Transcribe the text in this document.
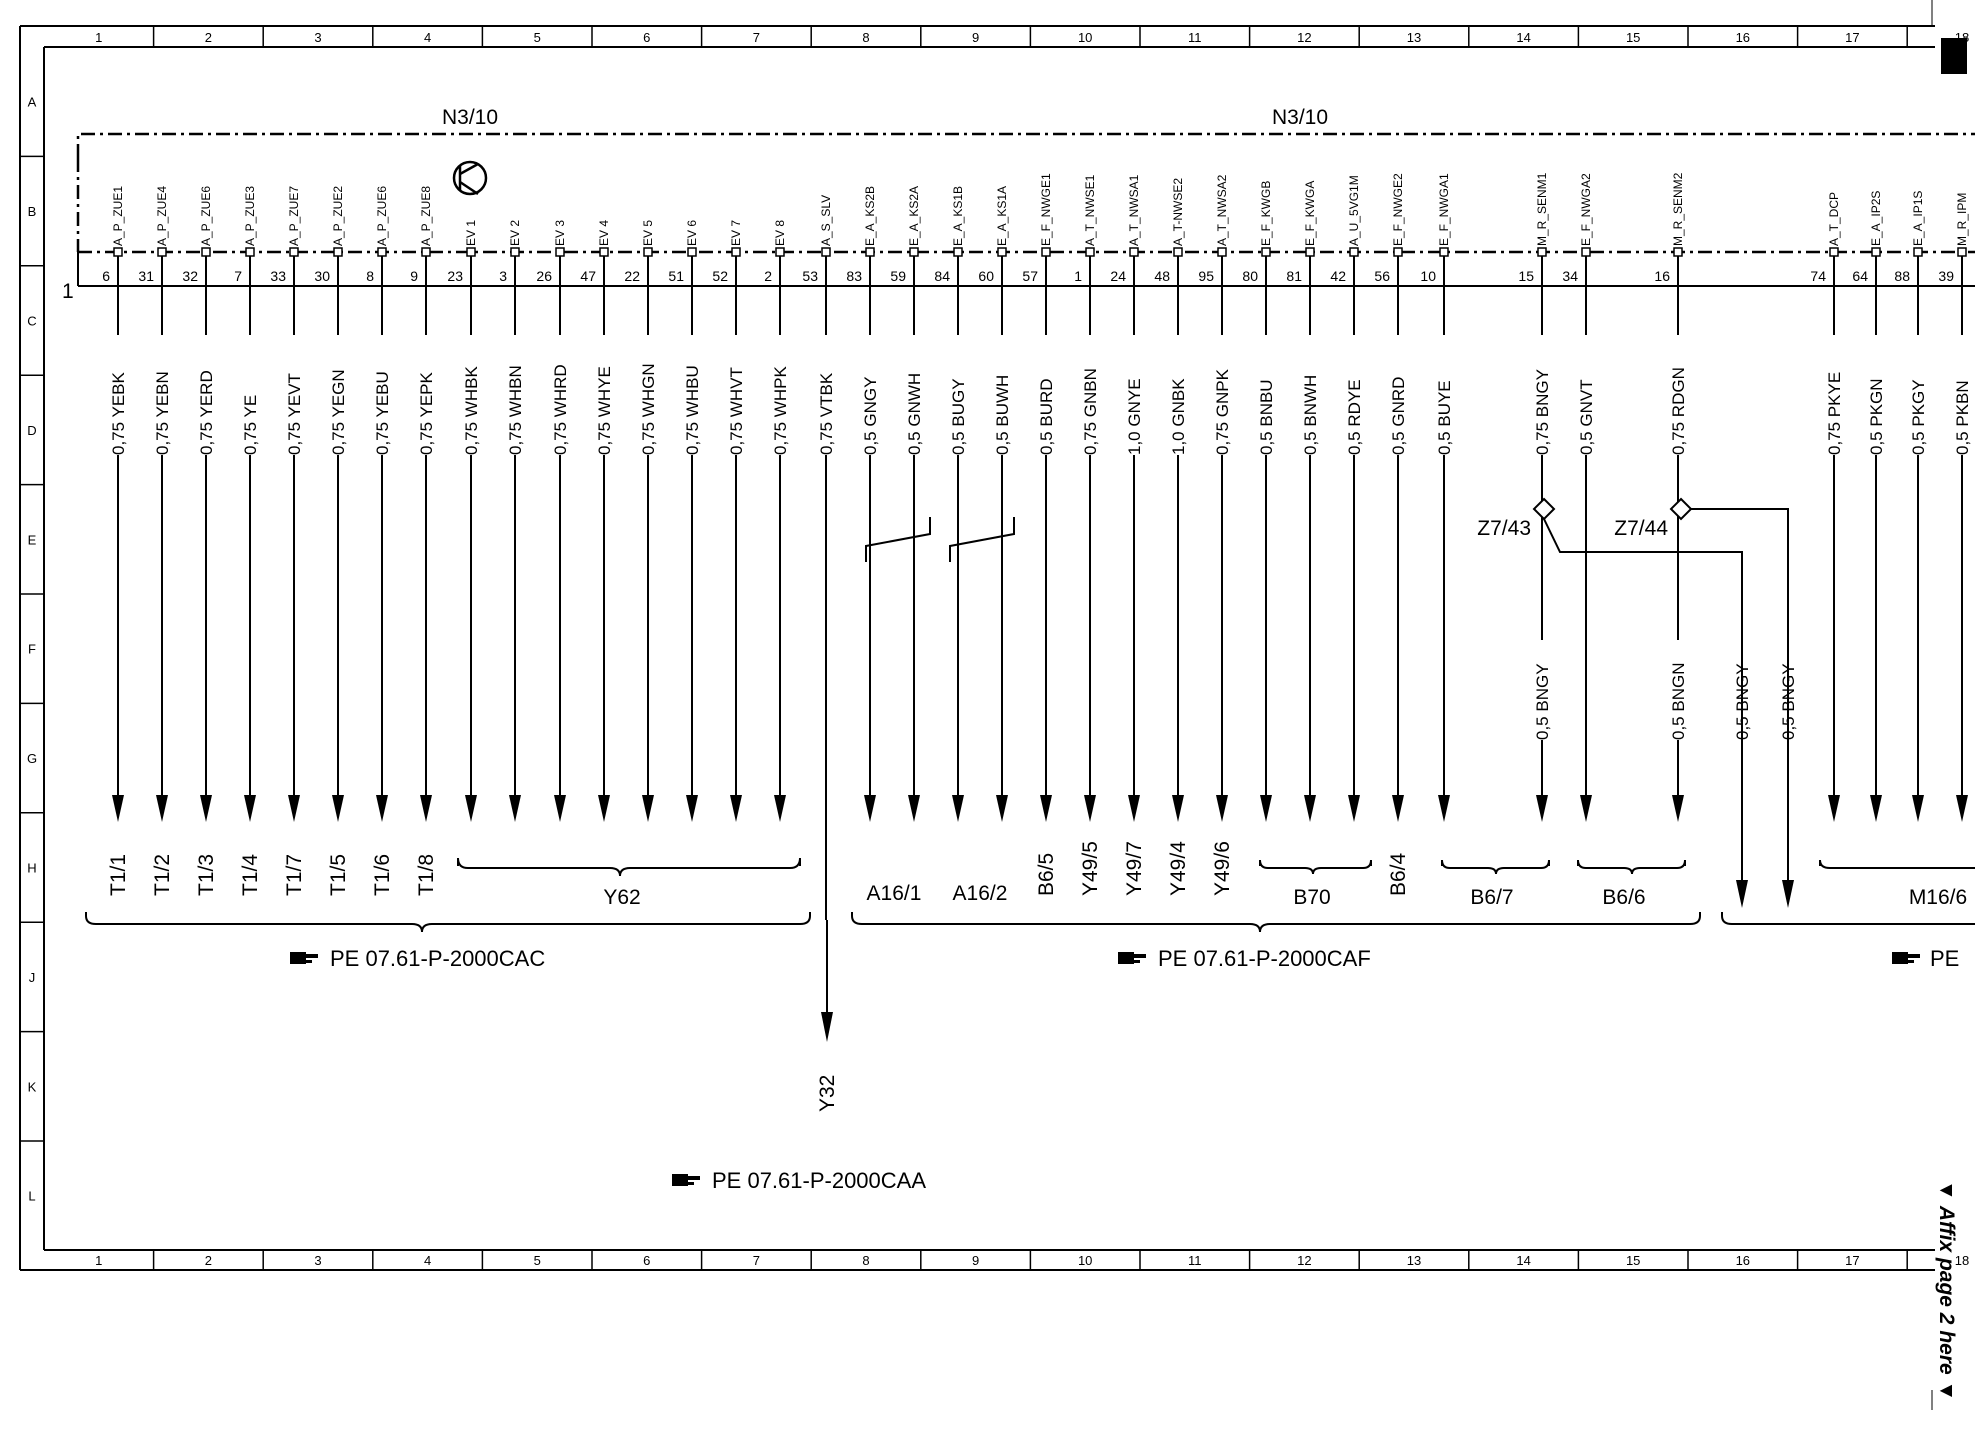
1
1
2
2
3
3
4
4
5
5
6
6
7
7
8
8
9
9
10
10
11
11
12
12
13
13
14
14
15
15
16
16
17
17
18
18
A
B
C
D
E
F
G
H
J
K
L
N3/10	N3/10
1
6
A_P_ZUE1
0,75 YEBK
31
A_P_ZUE4
0,75 YEBN
32
A_P_ZUE6
0,75 YERD
7
A_P_ZUE3
0,75 YE
33
A_P_ZUE7
0,75 YEVT
30
A_P_ZUE2
0,75 YEGN
8
A_P_ZUE6
0,75 YEBU
9
A_P_ZUE8
0,75 YEPK
23
EV 1
0,75 WHBK
3
EV 2
0,75 WHBN
26
EV 3
0,75 WHRD
47
EV 4
0,75 WHYE
22
EV 5
0,75 WHGN
51
EV 6
0,75 WHBU
52
EV 7
0,75 WHVT
2
EV 8
0,75 WHPK
53
A_S_SLV
0,75 VTBK
83
E_A_KS2B
0,5 GNGY
59
E_A_KS2A
0,5 GNWH
84
E_A_KS1B
0,5 BUGY
60
E_A_KS1A
0,5 BUWH
57
E_F_NWGE1
0,5 BURD
1
A_T_NWSE1
0,75 GNBN
24
A_T_NWSA1
1,0 GNYE
48
A_T-NWSE2
1,0 GNBK
95
A_T_NWSA2
0,75 GNPK
80
E_F_KWGB
0,5 BNBU
81
E_F_KWGA
0,5 BNWH
42
A_U_5VG1M
0,5 RDYE
56
E_F_NWGE2
0,5 GNRD
10
E_F_NWGA1
0,5 BUYE
15
M_R_SENM1
0,75 BNGY
34
E_F_NWGA2
0,5 GNVT
16
M_R_SENM2
0,75 RDGN
74
A_T_DCP
0,75 PKYE
64
E_A_IP2S
0,5 PKGN
88
E_A_IP1S
0,5 PKGY
39
M_R_IPM
0,5 PKBN
0,5 BNGY	0,5 BNGN	0,5 BNGY 0,5 BNGY
Z7/43	Z7/44
T1/1 T1/2 T1/3 T1/4 T1/7 T1/5 T1/6 T1/8	B6/5 Y49/5 Y49/7 Y49/4 Y49/6	B6/4
Y62	A16/1 A16/2	B70	B6/7	B6/6	M16/6
Y32
PE 07.61-P-2000CAC	PE 07.61-P-2000CAF
PE 07.61-P-2000CAA
PE
▼ Affix page 2 here ▼
